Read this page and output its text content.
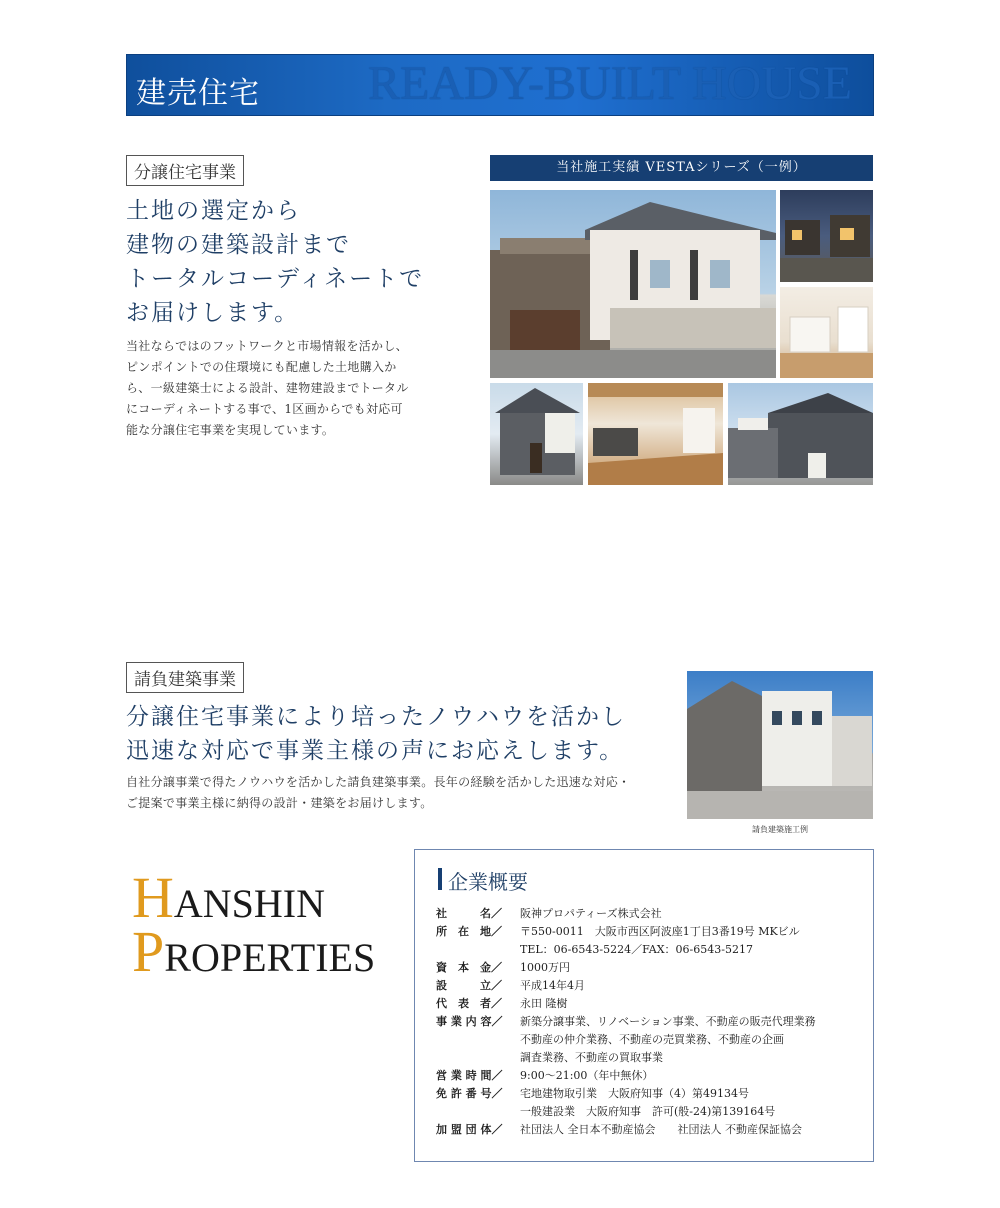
READY-BUILT HOUSE
建売住宅
分譲住宅事業
土地の選定から
建物の建築設計まで
トータルコーディネートで
お届けします。
当社ならではのフットワークと市場情報を活かし、
ピンポイントでの住環境にも配慮した土地購入か
ら、一級建築士による設計、建物建設までトータル
にコーディネートする事で、1区画からでも対応可
能な分譲住宅事業を実現しています。
当社施工実績 VESTAシリーズ（一例）
請負建築事業
分譲住宅事業により培ったノウハウを活かし
迅速な対応で事業主様の声にお応えします。
自社分譲事業で得たノウハウを活かした請負建築事業。長年の経験を活かした迅速な対応・
ご提案で事業主様に納得の設計・建築をお届けします。
請負建築施工例
HANSHIN
PROPERTIES
企業概要
社　　　名／ 阪神プロパティーズ株式会社
所　在　地／ 〒550-0011　大阪市西区阿波座1丁目3番19号 MKビル
TEL：06-6543-5224／FAX：06-6543-5217
資　本　金／ 1000万円
設　　　立／ 平成14年4月
代　表　者／ 永田 隆樹
事 業 内 容／ 新築分譲事業、リノベーション事業、不動産の販売代理業務
不動産の仲介業務、不動産の売買業務、不動産の企画
調査業務、不動産の買取事業
営 業 時 間／ 9:00～21:00（年中無休）
免 許 番 号／ 宅地建物取引業　大阪府知事（4）第49134号
一般建設業　大阪府知事　許可(般-24)第139164号
加 盟 団 体／ 社団法人 全日本不動産協会　　社団法人 不動産保証協会
